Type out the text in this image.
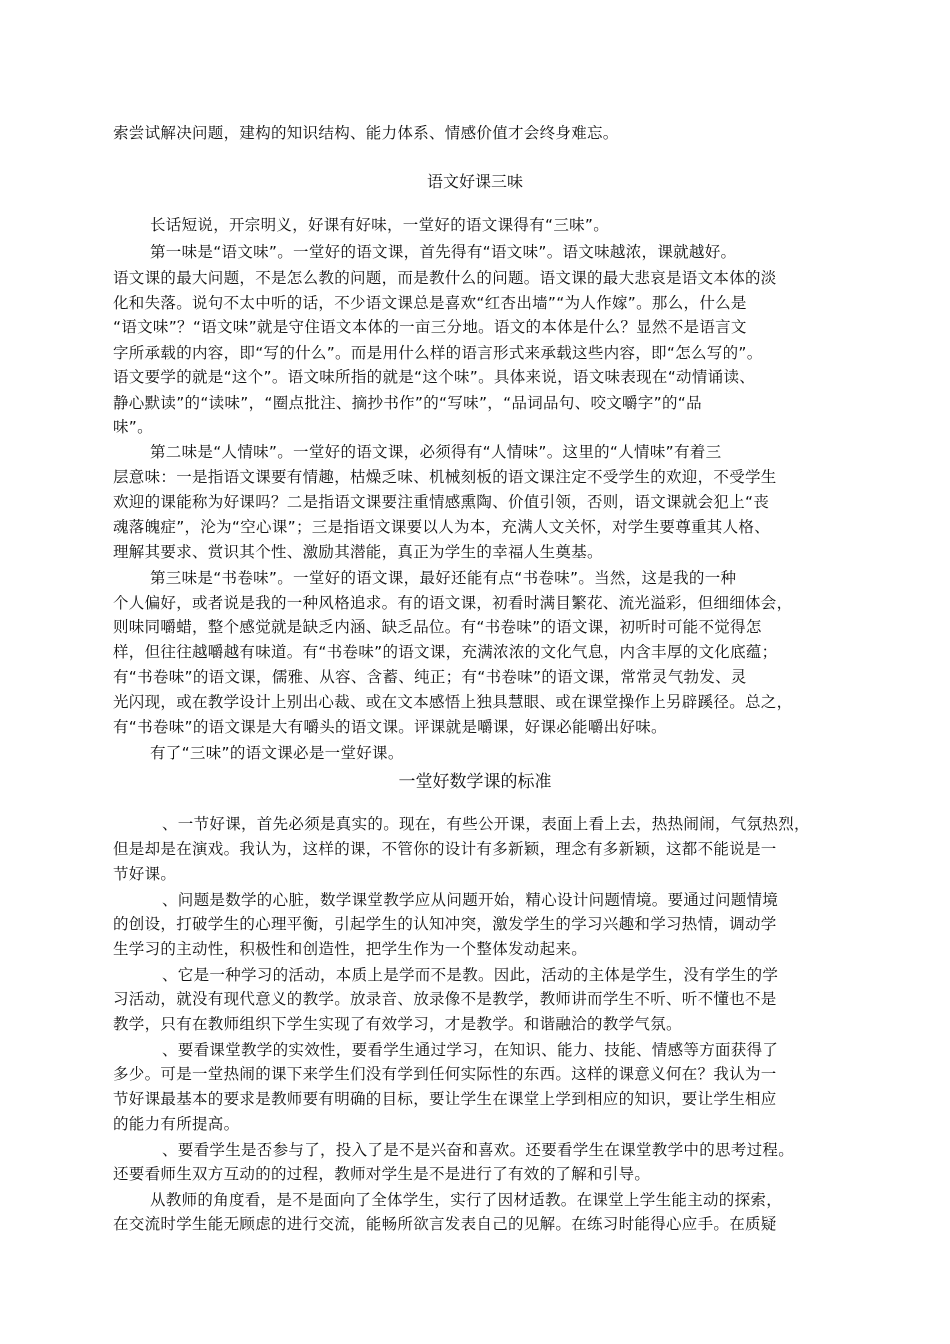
索尝试解决问题，建构的知识结构、能力体系、情感价值才会终身难忘。
语文好课三味
长话短说，开宗明义，好课有好味，一堂好的语文课得有“三味”。
第一味是“语文味”。一堂好的语文课，首先得有“语文味”。语文味越浓，课就越好。
语文课的最大问题，不是怎么教的问题，而是教什么的问题。语文课的最大悲哀是语文本体的淡
化和失落。说句不太中听的话，不少语文课总是喜欢“红杏出墙”“为人作嫁”。那么，什么是
“语文味”？“语文味”就是守住语文本体的一亩三分地。语文的本体是什么？显然不是语言文
字所承载的内容，即“写的什么”。而是用什么样的语言形式来承载这些内容，即“怎么写的”。
语文要学的就是“这个”。语文味所指的就是“这个味”。具体来说，语文味表现在“动情诵读、
静心默读”的“读味”，“圈点批注、摘抄书作”的“写味”，“品词品句、咬文嚼字”的“品
味”。
第二味是“人情味”。一堂好的语文课，必须得有“人情味”。这里的“人情味”有着三
层意味：一是指语文课要有情趣，枯燥乏味、机械刻板的语文课注定不受学生的欢迎，不受学生
欢迎的课能称为好课吗？二是指语文课要注重情感熏陶、价值引领，否则，语文课就会犯上“丧
魂落魄症”，沦为“空心课”；三是指语文课要以人为本，充满人文关怀，对学生要尊重其人格、
理解其要求、赏识其个性、激励其潜能，真正为学生的幸福人生奠基。
第三味是“书卷味”。一堂好的语文课，最好还能有点“书卷味”。当然，这是我的一种
个人偏好，或者说是我的一种风格追求。有的语文课，初看时满目繁花、流光溢彩，但细细体会，
则味同嚼蜡，整个感觉就是缺乏内涵、缺乏品位。有“书卷味”的语文课，初听时可能不觉得怎
样，但往往越嚼越有味道。有“书卷味”的语文课，充满浓浓的文化气息，内含丰厚的文化底蕴；
有“书卷味”的语文课，儒雅、从容、含蓄、纯正；有“书卷味”的语文课，常常灵气勃发、灵
光闪现，或在教学设计上别出心裁、或在文本感悟上独具慧眼、或在课堂操作上另辟蹊径。总之，
有“书卷味”的语文课是大有嚼头的语文课。评课就是嚼课，好课必能嚼出好味。
有了“三味”的语文课必是一堂好课。
一堂好数学课的标准
、一节好课，首先必须是真实的。现在，有些公开课，表面上看上去，热热闹闹，气氛热烈，
但是却是在演戏。我认为，这样的课，不管你的设计有多新颖，理念有多新颖，这都不能说是一
节好课。
、问题是数学的心脏，数学课堂教学应从问题开始，精心设计问题情境。要通过问题情境
的创设，打破学生的心理平衡，引起学生的认知冲突，激发学生的学习兴趣和学习热情，调动学
生学习的主动性，积极性和创造性，把学生作为一个整体发动起来。
、它是一种学习的活动，本质上是学而不是教。因此，活动的主体是学生，没有学生的学
习活动，就没有现代意义的教学。放录音、放录像不是教学，教师讲而学生不听、听不懂也不是
教学，只有在教师组织下学生实现了有效学习，才是教学。和谐融洽的教学气氛。
、要看课堂教学的实效性，要看学生通过学习，在知识、能力、技能、情感等方面获得了
多少。可是一堂热闹的课下来学生们没有学到任何实际性的东西。这样的课意义何在？我认为一
节好课最基本的要求是教师要有明确的目标，要让学生在课堂上学到相应的知识，要让学生相应
的能力有所提高。
、要看学生是否参与了，投入了是不是兴奋和喜欢。还要看学生在课堂教学中的思考过程。
还要看师生双方互动的的过程，教师对学生是不是进行了有效的了解和引导。
从教师的角度看，是不是面向了全体学生，实行了因材适教。在课堂上学生能主动的探索，
在交流时学生能无顾虑的进行交流，能畅所欲言发表自己的见解。在练习时能得心应手。在质疑
